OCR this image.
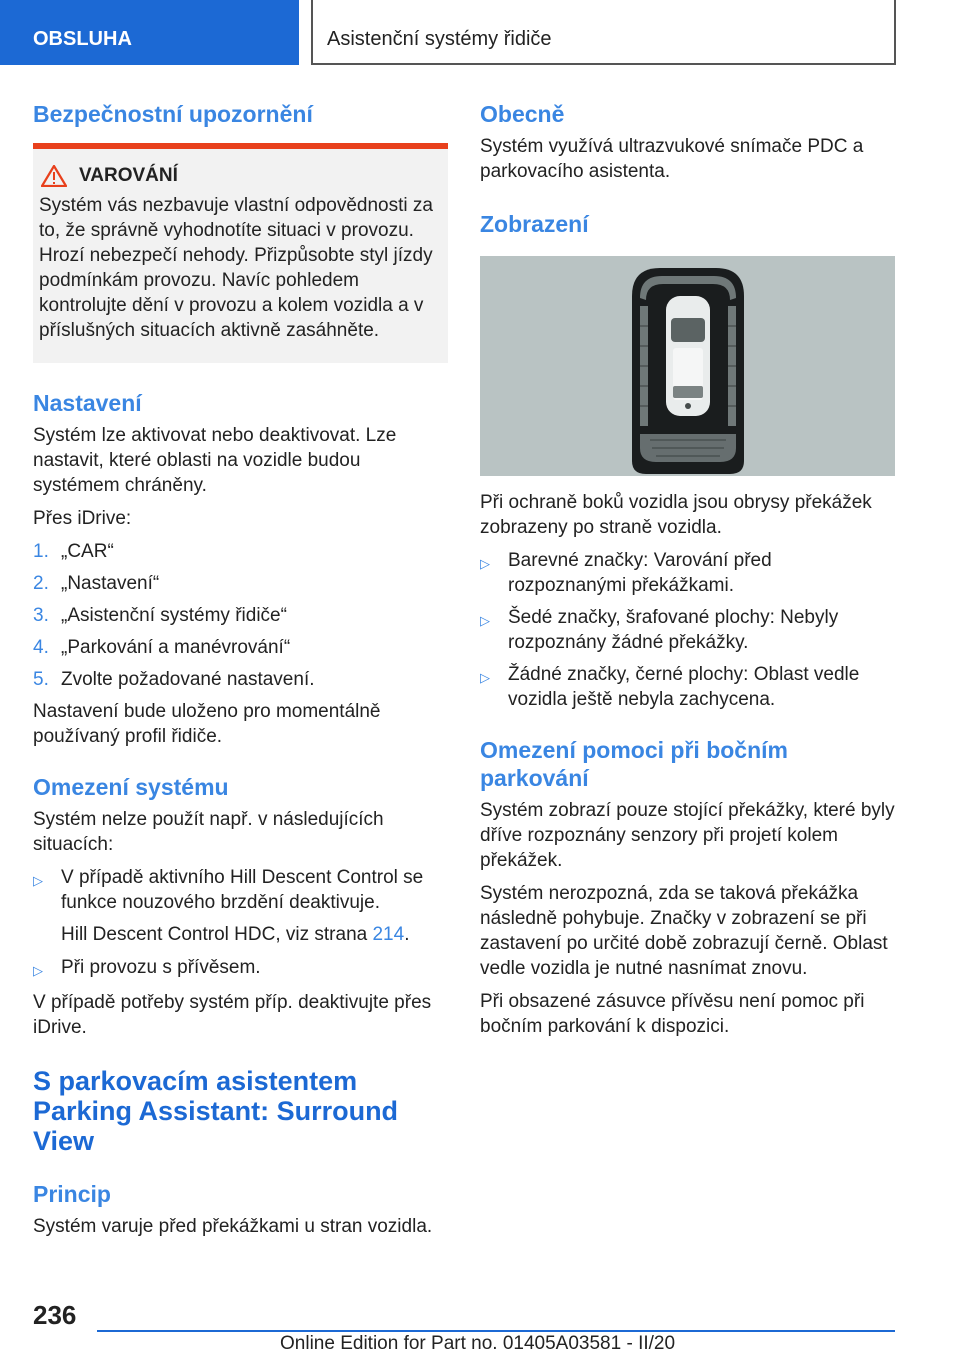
OBSLUHA	Asistenční systémy řidiče
Bezpečnostní upozornění
VAROVÁNÍ

Systém vás nezbavuje vlastní odpovědnosti za to, že správně vyhodnotíte situaci v provozu. Hrozí nebezpečí nehody. Přizpůsobte styl jízdy podmínkám provozu. Navíc pohledem kontrolujte dění v provozu a kolem vozidla a v příslušných situacích aktivně zasáhněte.

Nastavení

Systém lze aktivovat nebo deaktivovat. Lze nastavit, které oblasti na vozidle budou systémem chráněny.

Přes iDrive:

1. „CAR“
2. „Nastavení“
3. „Asistenční systémy řidiče“
4. „Parkování a manévrování“
5. Zvolte požadované nastavení.

Nastavení bude uloženo pro momentálně používaný profil řidiče.

Omezení systému

Systém nelze použít např. v následujících situacích:

▷ V případě aktivního Hill Descent Control se funkce nouzového brzdění deaktivuje.

Hill Descent Control HDC, viz strana 214.

▷ Při provozu s přívěsem.

V případě potřeby systém příp. deaktivujte přes iDrive.

S parkovacím asistentem Parking Assistant: Surround View
Princip

Systém varuje před překážkami u stran vozidla.

Obecně

Systém využívá ultrazvukové snímače PDC a parkovacího asistenta.

Zobrazení

Při ochraně boků vozidla jsou obrysy překážek zobrazeny po straně vozidla.

▷ Barevné značky: Varování před rozpoznanými překážkami.
▷ Šedé značky, šrafované plochy: Nebyly rozpoznány žádné překážky.
▷ Žádné značky, černé plochy: Oblast vedle vozidla ještě nebyla zachycena.
Omezení pomoci při bočním parkování

Systém zobrazí pouze stojící překážky, které byly dříve rozpoznány senzory při projetí kolem překážek.

Systém nerozpozná, zda se taková překážka následně pohybuje. Značky v zobrazení se při zastavení po určité době zobrazují černě. Oblast vedle vozidla je nutné nasnímat znovu.

Při obsazené zásuvce přívěsu není pomoc při bočním parkování k dispozici.

236
Online Edition for Part no. 01405A03581 - II/20
